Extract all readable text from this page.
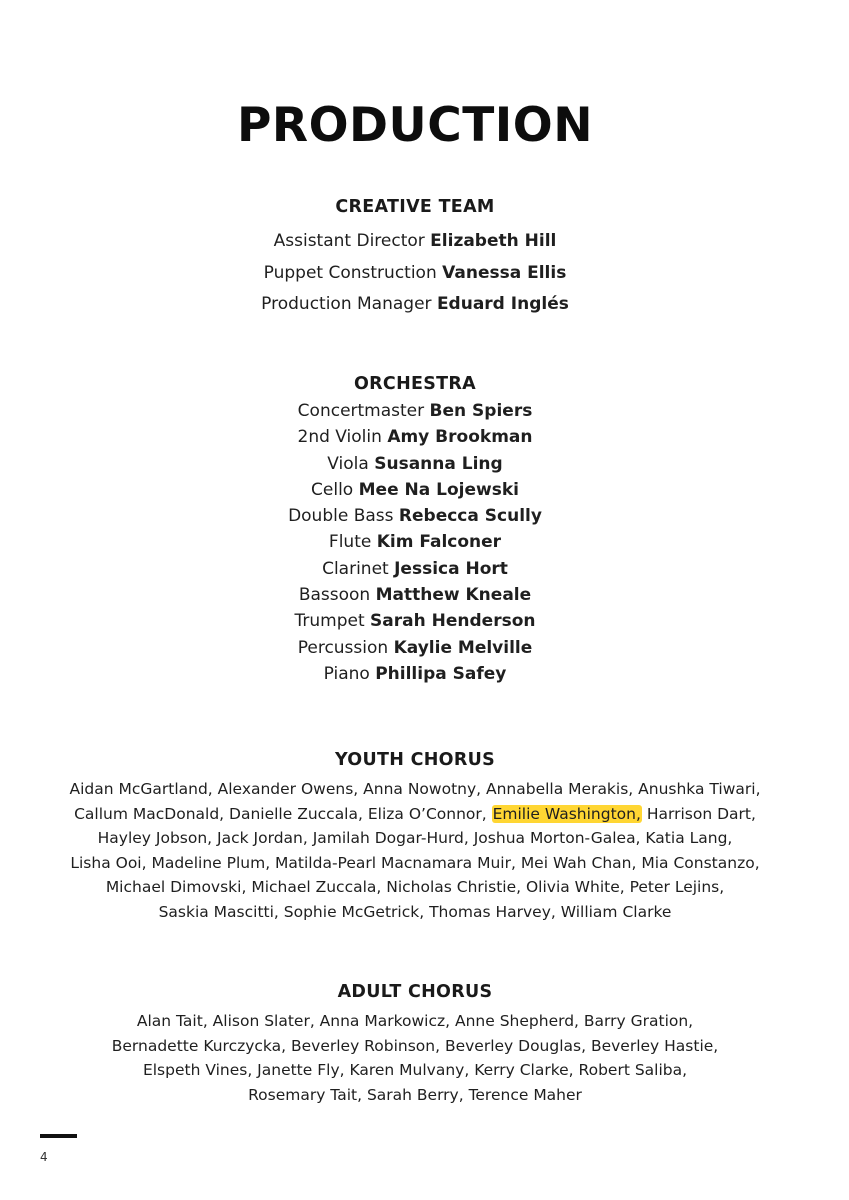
PRODUCTION

CREATIVE TEAM

Assistant Director Elizabeth Hill

Puppet Construction Vanessa Ellis

Production Manager Eduard Inglés

ORCHESTRA

Concertmaster Ben Spiers

2nd Violin Amy Brookman

Viola Susanna Ling

Cello Mee Na Lojewski

Double Bass Rebecca Scully

Flute Kim Falconer

Clarinet Jessica Hort

Bassoon Matthew Kneale

Trumpet Sarah Henderson

Percussion Kaylie Melville

Piano Phillipa Safey

YOUTH CHORUS

Aidan McGartland, Alexander Owens, Anna Nowotny, Annabella Merakis, Anushka Tiwari,
Callum MacDonald, Danielle Zuccala, Eliza O’Connor, Emilie Washington, Harrison Dart,
Hayley Jobson, Jack Jordan, Jamilah Dogar-Hurd, Joshua Morton-Galea, Katia Lang,
Lisha Ooi, Madeline Plum, Matilda-Pearl Macnamara Muir, Mei Wah Chan, Mia Constanzo,
Michael Dimovski, Michael Zuccala, Nicholas Christie, Olivia White, Peter Lejins,
Saskia Mascitti, Sophie McGetrick, Thomas Harvey, William Clarke

ADULT CHORUS

Alan Tait, Alison Slater, Anna Markowicz, Anne Shepherd, Barry Gration,
Bernadette Kurczycka, Beverley Robinson, Beverley Douglas, Beverley Hastie,
Elspeth Vines, Janette Fly, Karen Mulvany, Kerry Clarke, Robert Saliba,
Rosemary Tait, Sarah Berry, Terence Maher

4
